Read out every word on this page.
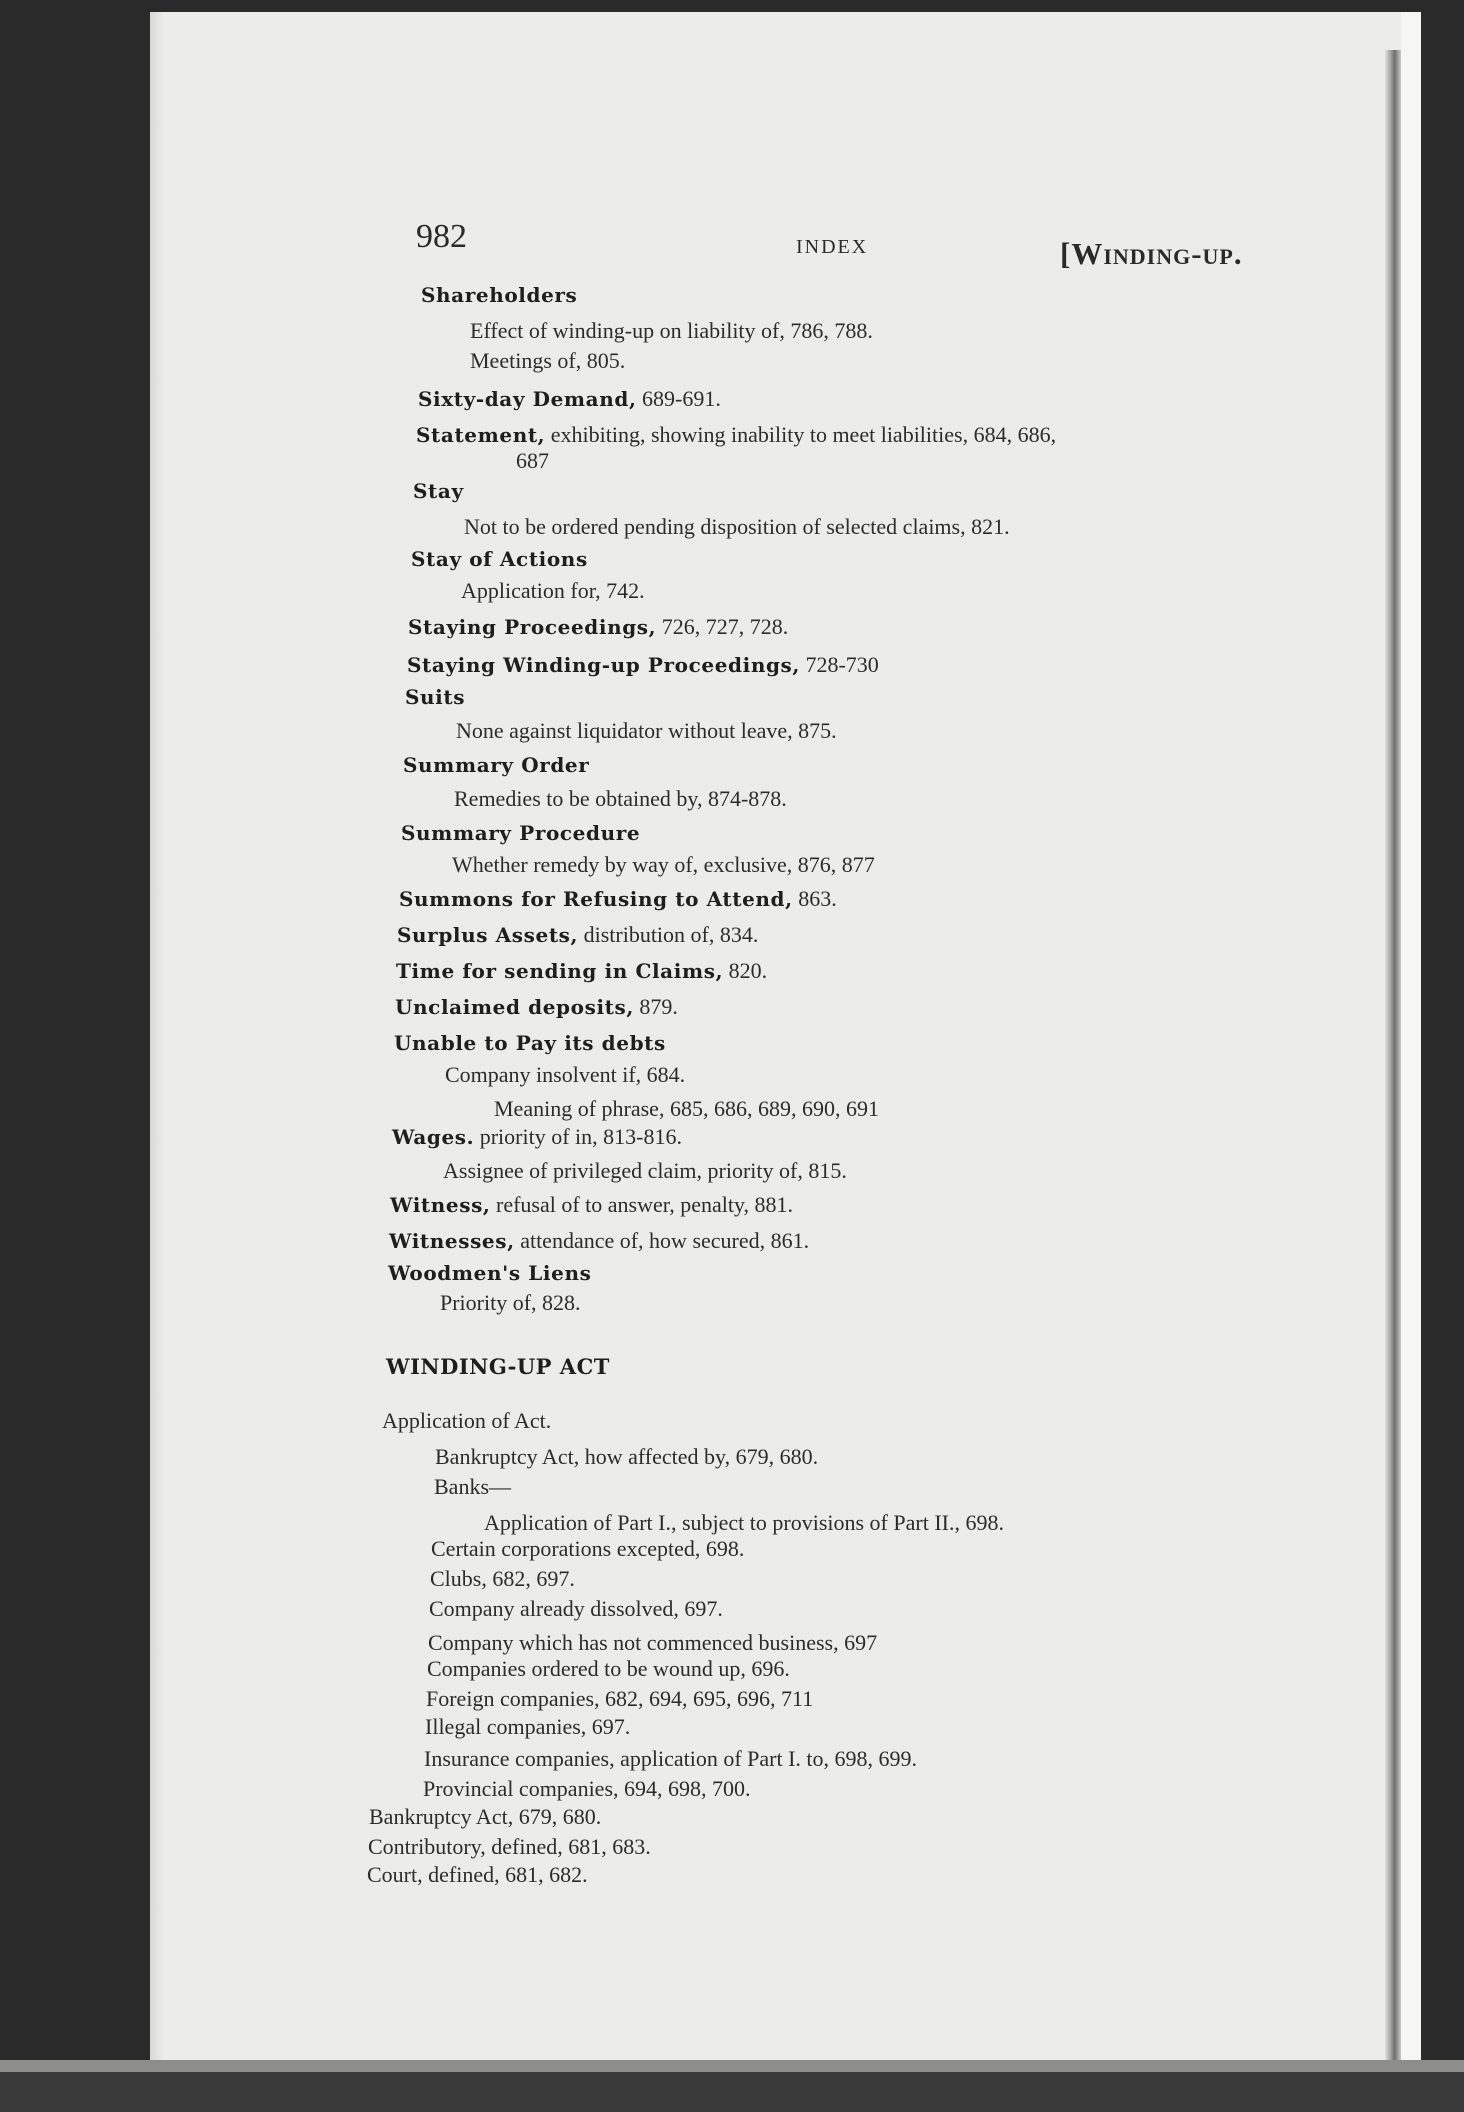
982	INDEX	[Winding-up.
Shareholders
Effect of winding-up on liability of, 786, 788.
Meetings of, 805.
Sixty-day Demand, 689-691.
Statement, exhibiting, showing inability to meet liabilities, 684, 686,
687
Stay
Not to be ordered pending disposition of selected claims, 821.
Stay of Actions
Application for, 742.
Staying Proceedings, 726, 727, 728.
Staying Winding-up Proceedings, 728-730
Suits
None against liquidator without leave, 875.
Summary Order
Remedies to be obtained by, 874-878.
Summary Procedure
Whether remedy by way of, exclusive, 876, 877
Summons for Refusing to Attend, 863.
Surplus Assets, distribution of, 834.
Time for sending in Claims, 820.
Unclaimed deposits, 879.
Unable to Pay its debts
Company insolvent if, 684.
Meaning of phrase, 685, 686, 689, 690, 691
Wages. priority of in, 813-816.
Assignee of privileged claim, priority of, 815.
Witness, refusal of to answer, penalty, 881.
Witnesses, attendance of, how secured, 861.
Woodmen's Liens
Priority of, 828.
WINDING-UP ACT
Application of Act.
Bankruptcy Act, how affected by, 679, 680.
Banks—
Application of Part I., subject to provisions of Part II., 698.
Certain corporations excepted, 698.
Clubs, 682, 697.
Company already dissolved, 697.
Company which has not commenced business, 697
Companies ordered to be wound up, 696.
Foreign companies, 682, 694, 695, 696, 711
Illegal companies, 697.
Insurance companies, application of Part I. to, 698, 699.
Provincial companies, 694, 698, 700.
Bankruptcy Act, 679, 680.
Contributory, defined, 681, 683.
Court, defined, 681, 682.
